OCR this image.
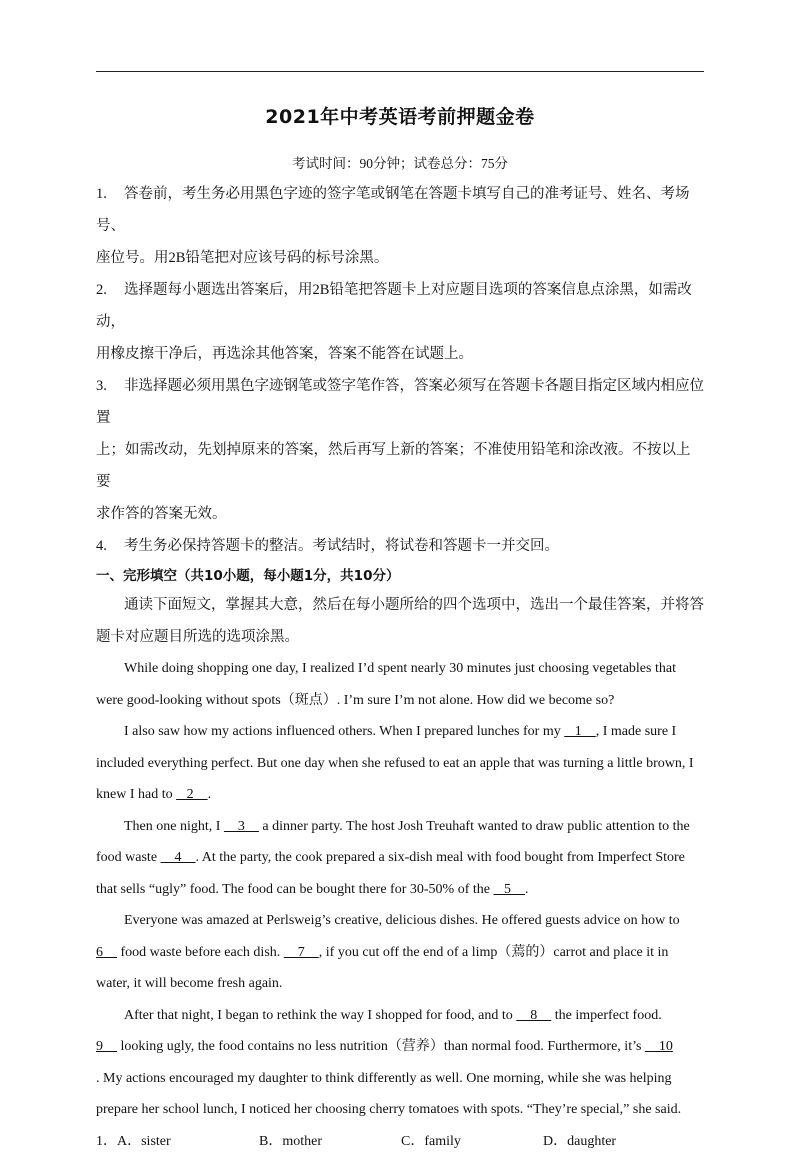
2021年中考英语考前押题金卷
考试时间：90分钟；试卷总分：75分

1. 答卷前，考生务必用黑色字迹的签字笔或钢笔在答题卡填写自己的准考证号、姓名、考场号、

座位号。用2B铅笔把对应该号码的标号涂黑。

2. 选择题每小题选出答案后，用2B铅笔把答题卡上对应题目选项的答案信息点涂黑，如需改动，

用橡皮擦干净后，再选涂其他答案，答案不能答在试题上。

3. 非选择题必须用黑色字迹钢笔或签字笔作答，答案必须写在答题卡各题目指定区域内相应位置

上；如需改动，先划掉原来的答案，然后再写上新的答案；不准使用铅笔和涂改液。不按以上要

求作答的答案无效。

4. 考生务必保持答题卡的整洁。考试结时，将试卷和答题卡一并交回。

一、完形填空（共10小题，每小题1分，共10分）

通读下面短文，掌握其大意，然后在每小题所给的四个选项中，选出一个最佳答案，并将答题卡对应题目所选的选项涂黑。

While doing shopping one day, I realized I’d spent nearly 30 minutes just choosing vegetables that were good-looking without spots（斑点）. I’m sure I’m not alone. How did we become so?

I also saw how my actions influenced others. When I prepared lunches for my    1    , I made sure I included everything perfect. But one day when she refused to eat an apple that was turning a little brown, I knew I had to    2    .

Then one night, I     3     a dinner party. The host Josh Treuhaft wanted to draw public attention to the food waste     4    . At the party, the cook prepared a six-dish meal with food bought from Imperfect Store that sells “ugly” food. The food can be bought there for 30-50% of the    5    .

Everyone was amazed at Perlsweig’s creative, delicious dishes. He offered guests advice on how to

6     food waste before each dish.     7    , if you cut off the end of a limp（蔫的）carrot and place it in water, it will become fresh again.

After that night, I began to rethink the way I shopped for food, and to     8     the imperfect food.

9     looking ugly, the food contains no less nutrition（营养）than normal food. Furthermore, it’s     10

. My actions encouraged my daughter to think differently as well. One morning, while she was helping prepare her school lunch, I noticed her choosing cherry tomatoes with spots. “They’re special,” she said.

1． A．sister	B．mother	C．family	D．daughter
